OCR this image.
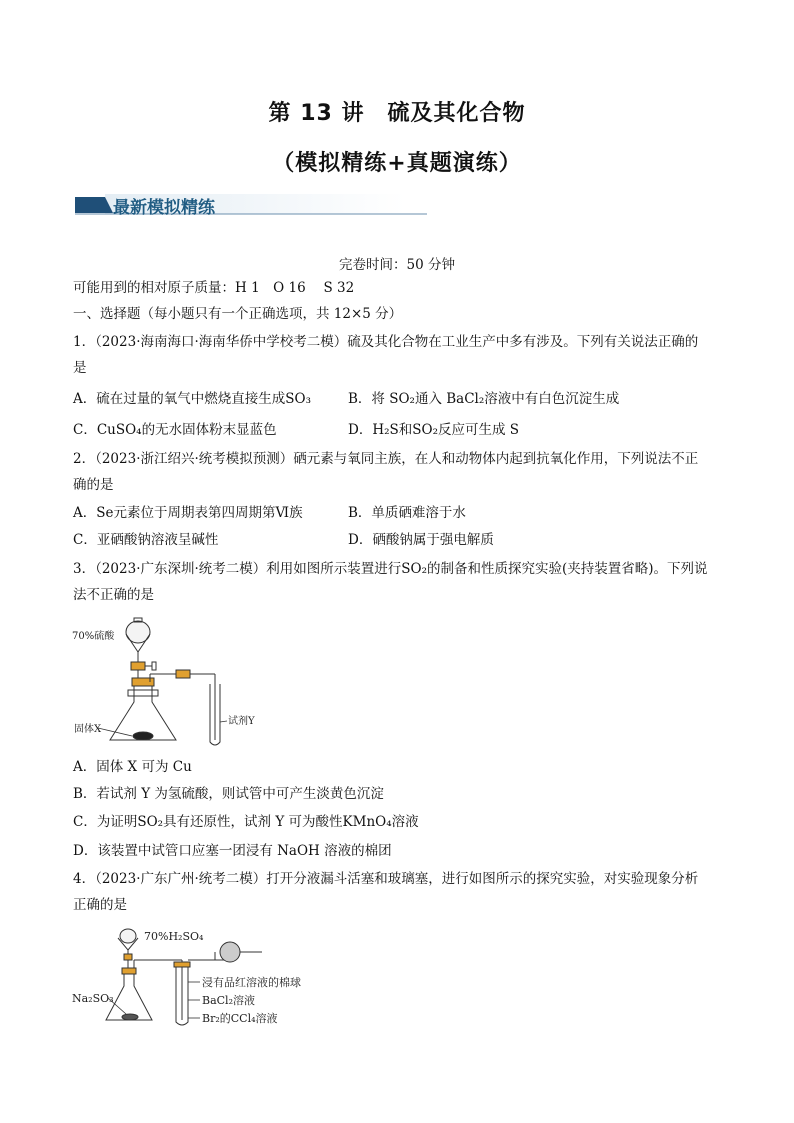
第 13 讲　硫及其化合物
（模拟精练+真题演练）
最新模拟精练
完卷时间：50 分钟
可能用到的相对原子质量：H 1　O 16　 S 32
一、选择题（每小题只有一个正确选项，共 12×5 分）
1．（2023·海南海口·海南华侨中学校考二模）硫及其化合物在工业生产中多有涉及。下列有关说法正确的
是
A．硫在过量的氧气中燃烧直接生成SO₃	B．将 SO₂通入 BaCl₂溶液中有白色沉淀生成
C．CuSO₄的无水固体粉末显蓝色	D．H₂S和SO₂反应可生成 S
2．（2023·浙江绍兴·统考模拟预测）硒元素与氧同主族，在人和动物体内起到抗氧化作用，下列说法不正
确的是
A．Se元素位于周期表第四周期第Ⅵ族	B．单质硒难溶于水
C．亚硒酸钠溶液呈碱性	D．硒酸钠属于强电解质
3．（2023·广东深圳·统考二模）利用如图所示装置进行SO₂的制备和性质探究实验(夹持装置省略)。下列说
法不正确的是
70%硫酸
固体X
试剂Y
A．固体 X 可为 Cu
B．若试剂 Y 为氢硫酸，则试管中可产生淡黄色沉淀
C．为证明SO₂具有还原性，试剂 Y 可为酸性KMnO₄溶液
D．该装置中试管口应塞一团浸有 NaOH 溶液的棉团
4．（2023·广东广州·统考二模）打开分液漏斗活塞和玻璃塞，进行如图所示的探究实验，对实验现象分析
正确的是
70%H₂SO₄
Na₂SO₃
浸有品红溶液的棉球
BaCl₂溶液
Br₂的CCl₄溶液
